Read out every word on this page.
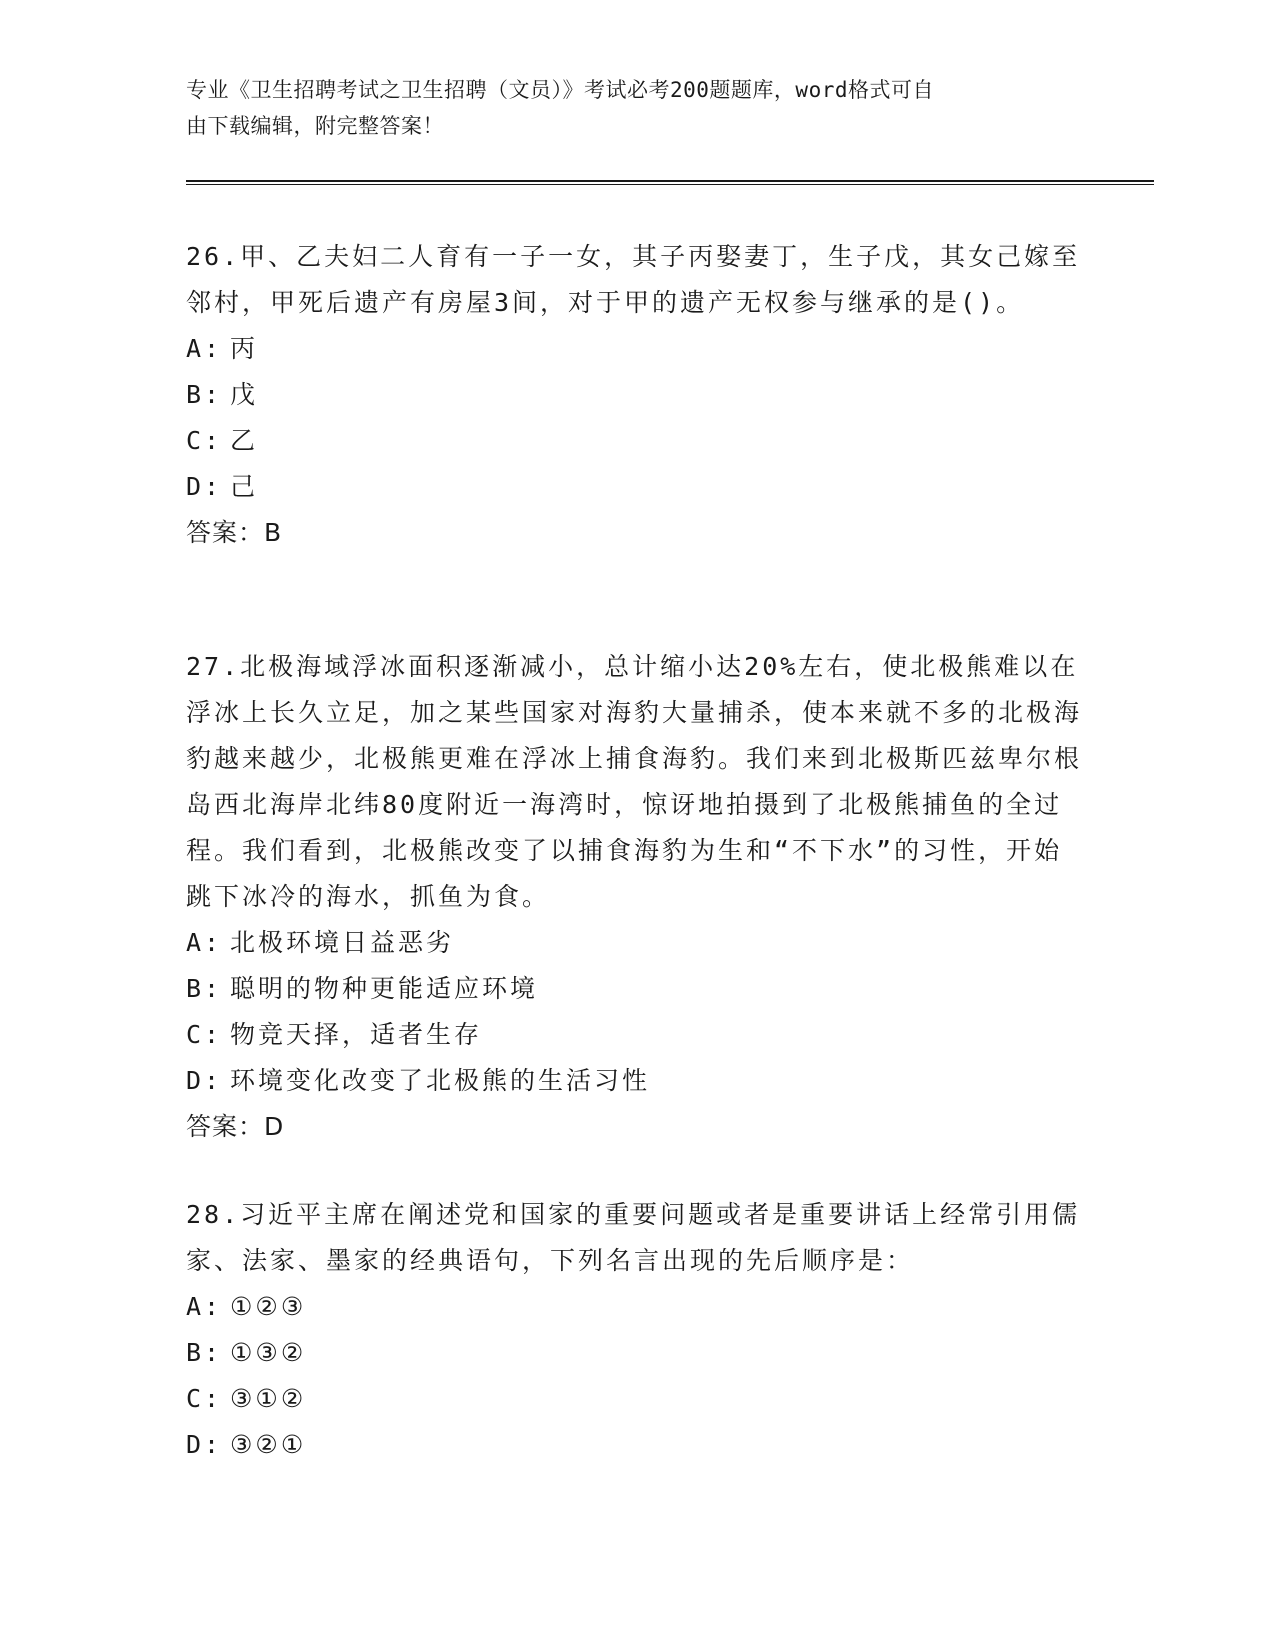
专业《卫生招聘考试之卫生招聘（文员）》考试必考200题题库，word格式可自
由下载编辑，附完整答案！

26.甲、乙夫妇二人育有一子一女，其子丙娶妻丁，生子戊，其女己嫁至邻村，甲死后遗产有房屋3间，对于甲的遗产无权参与继承的是()。

A: 丙

B: 戊

C: 乙

D: 己

答案：B

27.北极海域浮冰面积逐渐减小，总计缩小达20%左右，使北极熊难以在浮冰上长久立足，加之某些国家对海豹大量捕杀，使本来就不多的北极海豹越来越少，北极熊更难在浮冰上捕食海豹。我们来到北极斯匹兹卑尔根岛西北海岸北纬80度附近一海湾时，惊讶地拍摄到了北极熊捕鱼的全过程。我们看到，北极熊改变了以捕食海豹为生和“不下水”的习性，开始跳下冰冷的海水，抓鱼为食。

A: 北极环境日益恶劣

B: 聪明的物种更能适应环境

C: 物竞天择，适者生存

D: 环境变化改变了北极熊的生活习性

答案：D

28.习近平主席在阐述党和国家的重要问题或者是重要讲话上经常引用儒家、法家、墨家的经典语句，下列名言出现的先后顺序是：

A: ①②③

B: ①③②

C: ③①②

D: ③②①
